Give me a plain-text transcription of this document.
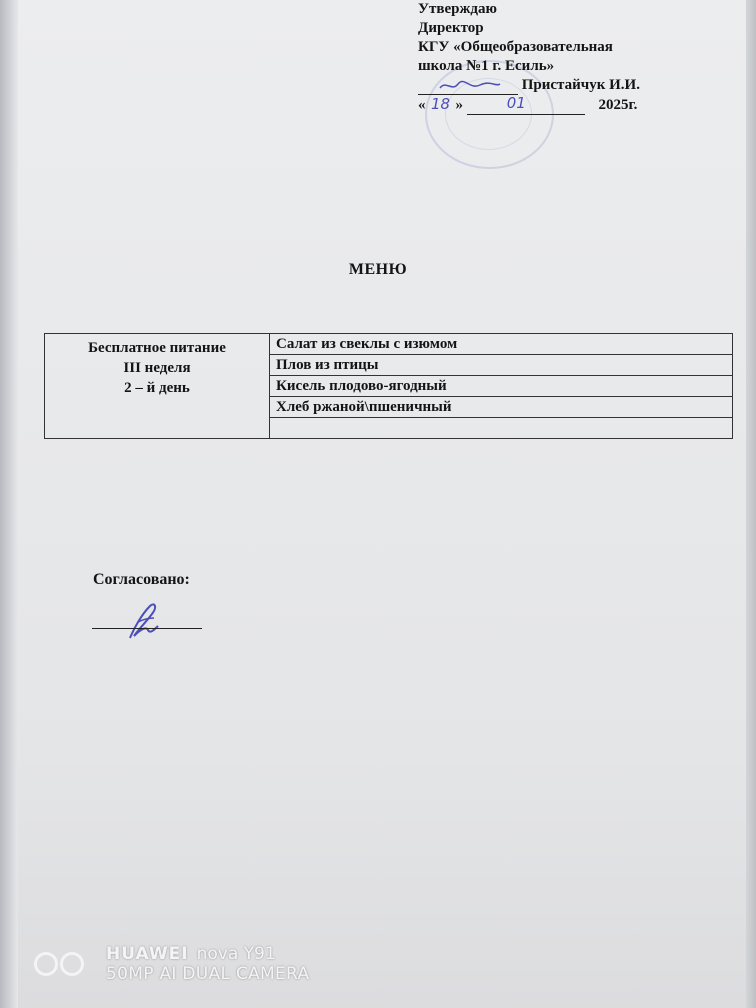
Утверждаю
Директор
КГУ «Общеобразовательная
школа №1 г. Есиль»
Пристайчук И.И.
« 18 »	01	2025г.
МЕНЮ
Бесплатное питание
III неделя
2 – й день
	Салат из свеклы с изюмом
Плов из птицы
Кисель плодово-ягодный
Хлеб ржаной\пшеничный

Согласовано:
HUAWEI nova Y91
50MP AI DUAL CAMERA
